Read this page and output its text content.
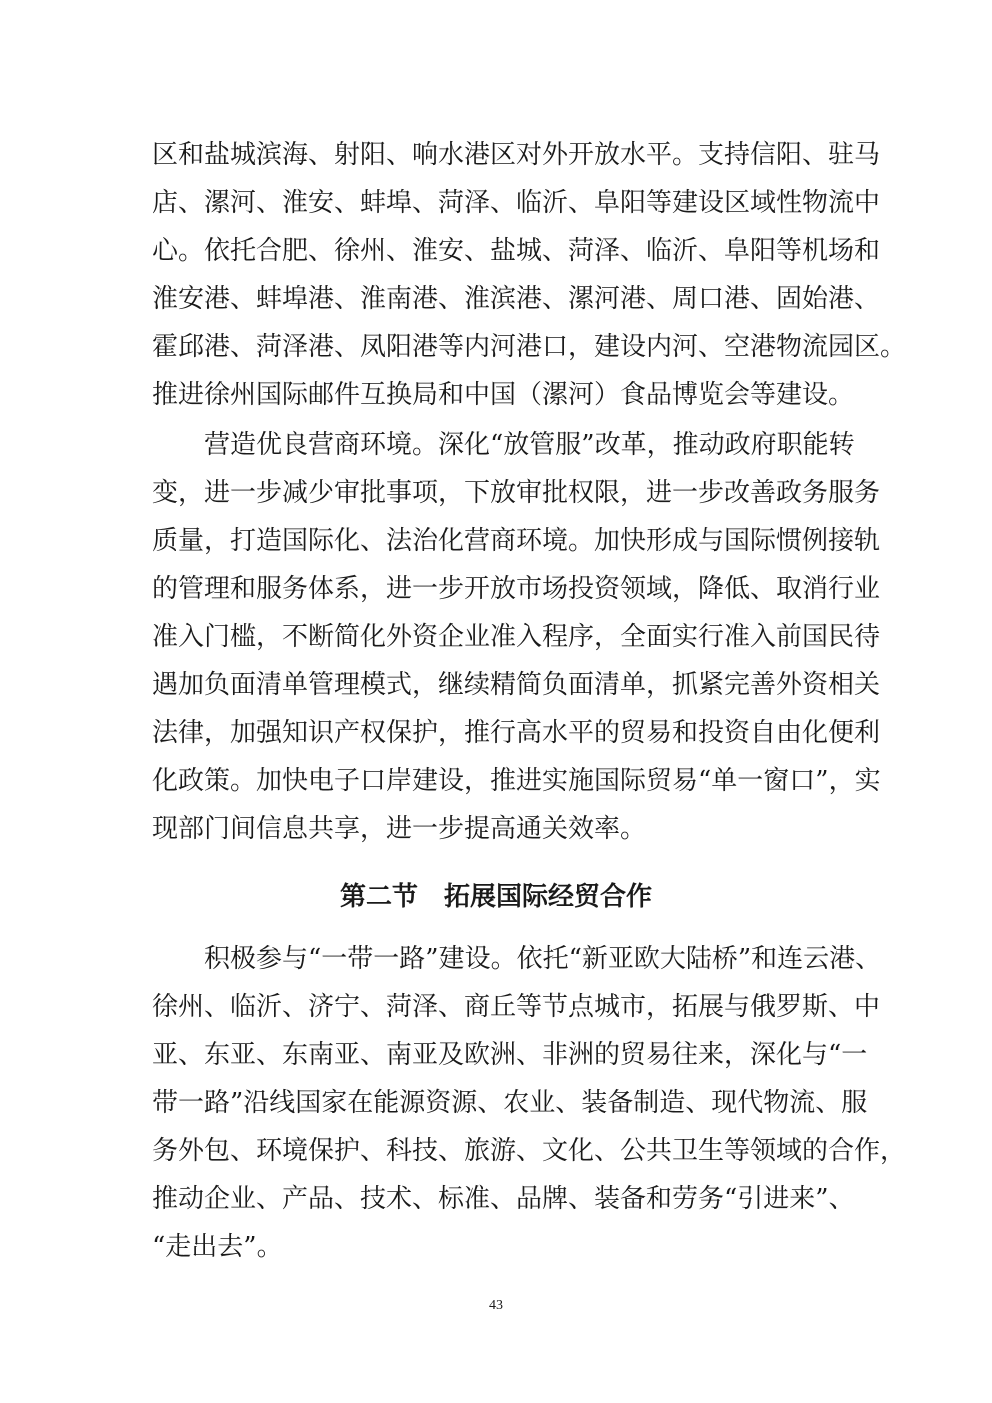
区和盐城滨海、射阳、响水港区对外开放水平。支持信阳、驻马
店、漯河、淮安、蚌埠、菏泽、临沂、阜阳等建设区域性物流中
心。依托合肥、徐州、淮安、盐城、菏泽、临沂、阜阳等机场和
淮安港、蚌埠港、淮南港、淮滨港、漯河港、周口港、固始港、
霍邱港、菏泽港、凤阳港等内河港口，建设内河、空港物流园区。
推进徐州国际邮件互换局和中国（漯河）食品博览会等建设。
营造优良营商环境。深化“放管服”改革，推动政府职能转
变，进一步减少审批事项，下放审批权限，进一步改善政务服务
质量，打造国际化、法治化营商环境。加快形成与国际惯例接轨
的管理和服务体系，进一步开放市场投资领域，降低、取消行业
准入门槛，不断简化外资企业准入程序，全面实行准入前国民待
遇加负面清单管理模式，继续精简负面清单，抓紧完善外资相关
法律，加强知识产权保护，推行高水平的贸易和投资自由化便利
化政策。加快电子口岸建设，推进实施国际贸易“单一窗口”，实
现部门间信息共享，进一步提高通关效率。
第二节　拓展国际经贸合作
积极参与“一带一路”建设。依托“新亚欧大陆桥”和连云港、
徐州、临沂、济宁、菏泽、商丘等节点城市，拓展与俄罗斯、中
亚、东亚、东南亚、南亚及欧洲、非洲的贸易往来，深化与“一
带一路”沿线国家在能源资源、农业、装备制造、现代物流、服
务外包、环境保护、科技、旅游、文化、公共卫生等领域的合作，
推动企业、产品、技术、标准、品牌、装备和劳务“引进来”、
“走出去”。
43
